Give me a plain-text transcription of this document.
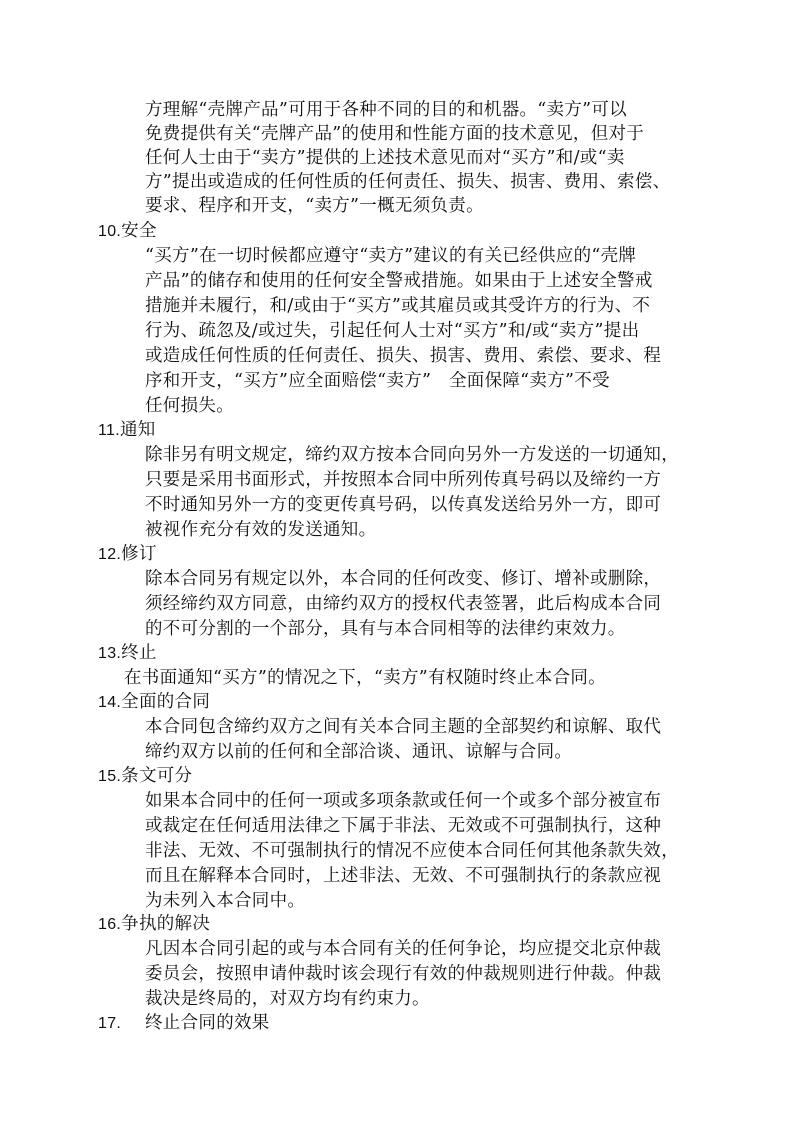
方理解“壳牌产品”可用于各种不同的目的和机器。“卖方”可以
免费提供有关“壳牌产品”的使用和性能方面的技术意见，但对于
任何人士由于“卖方”提供的上述技术意见而对“买方”和/或“卖
方”提出或造成的任何性质的任何责任、损失、损害、费用、索偿、
要求、程序和开支，“卖方”一概无须负责。
10.安全
“买方”在一切时候都应遵守“卖方”建议的有关已经供应的“壳牌
产品”的储存和使用的任何安全警戒措施。如果由于上述安全警戒
措施并未履行，和/或由于“买方”或其雇员或其受许方的行为、不
行为、疏忽及/或过失，引起任何人士对“买方”和/或“卖方”提出
或造成任何性质的任何责任、损失、损害、费用、索偿、要求、程
序和开支，“买方”应全面赔偿“卖方”　全面保障“卖方”不受
任何损失。
11.通知
除非另有明文规定，缔约双方按本合同向另外一方发送的一切通知，
只要是采用书面形式，并按照本合同中所列传真号码以及缔约一方
不时通知另外一方的变更传真号码，以传真发送给另外一方，即可
被视作充分有效的发送通知。
12.修订
除本合同另有规定以外，本合同的任何改变、修订、增补或删除，
须经缔约双方同意，由缔约双方的授权代表签署，此后构成本合同
的不可分割的一个部分，具有与本合同相等的法律约束效力。
13.终止
在书面通知“买方”的情况之下，“卖方”有权随时终止本合同。
14.全面的合同
本合同包含缔约双方之间有关本合同主题的全部契约和谅解、取代
缔约双方以前的任何和全部洽谈、通讯、谅解与合同。
15.条文可分
如果本合同中的任何一项或多项条款或任何一个或多个部分被宣布
或裁定在任何适用法律之下属于非法、无效或不可强制执行，这种
非法、无效、不可强制执行的情况不应使本合同任何其他条款失效，
而且在解释本合同时，上述非法、无效、不可强制执行的条款应视
为未列入本合同中。
16.争执的解决
凡因本合同引起的或与本合同有关的任何争论，均应提交北京仲裁
委员会，按照申请仲裁时该会现行有效的仲裁规则进行仲裁。仲裁
裁决是终局的，对双方均有约束力。
17. 终止合同的效果
